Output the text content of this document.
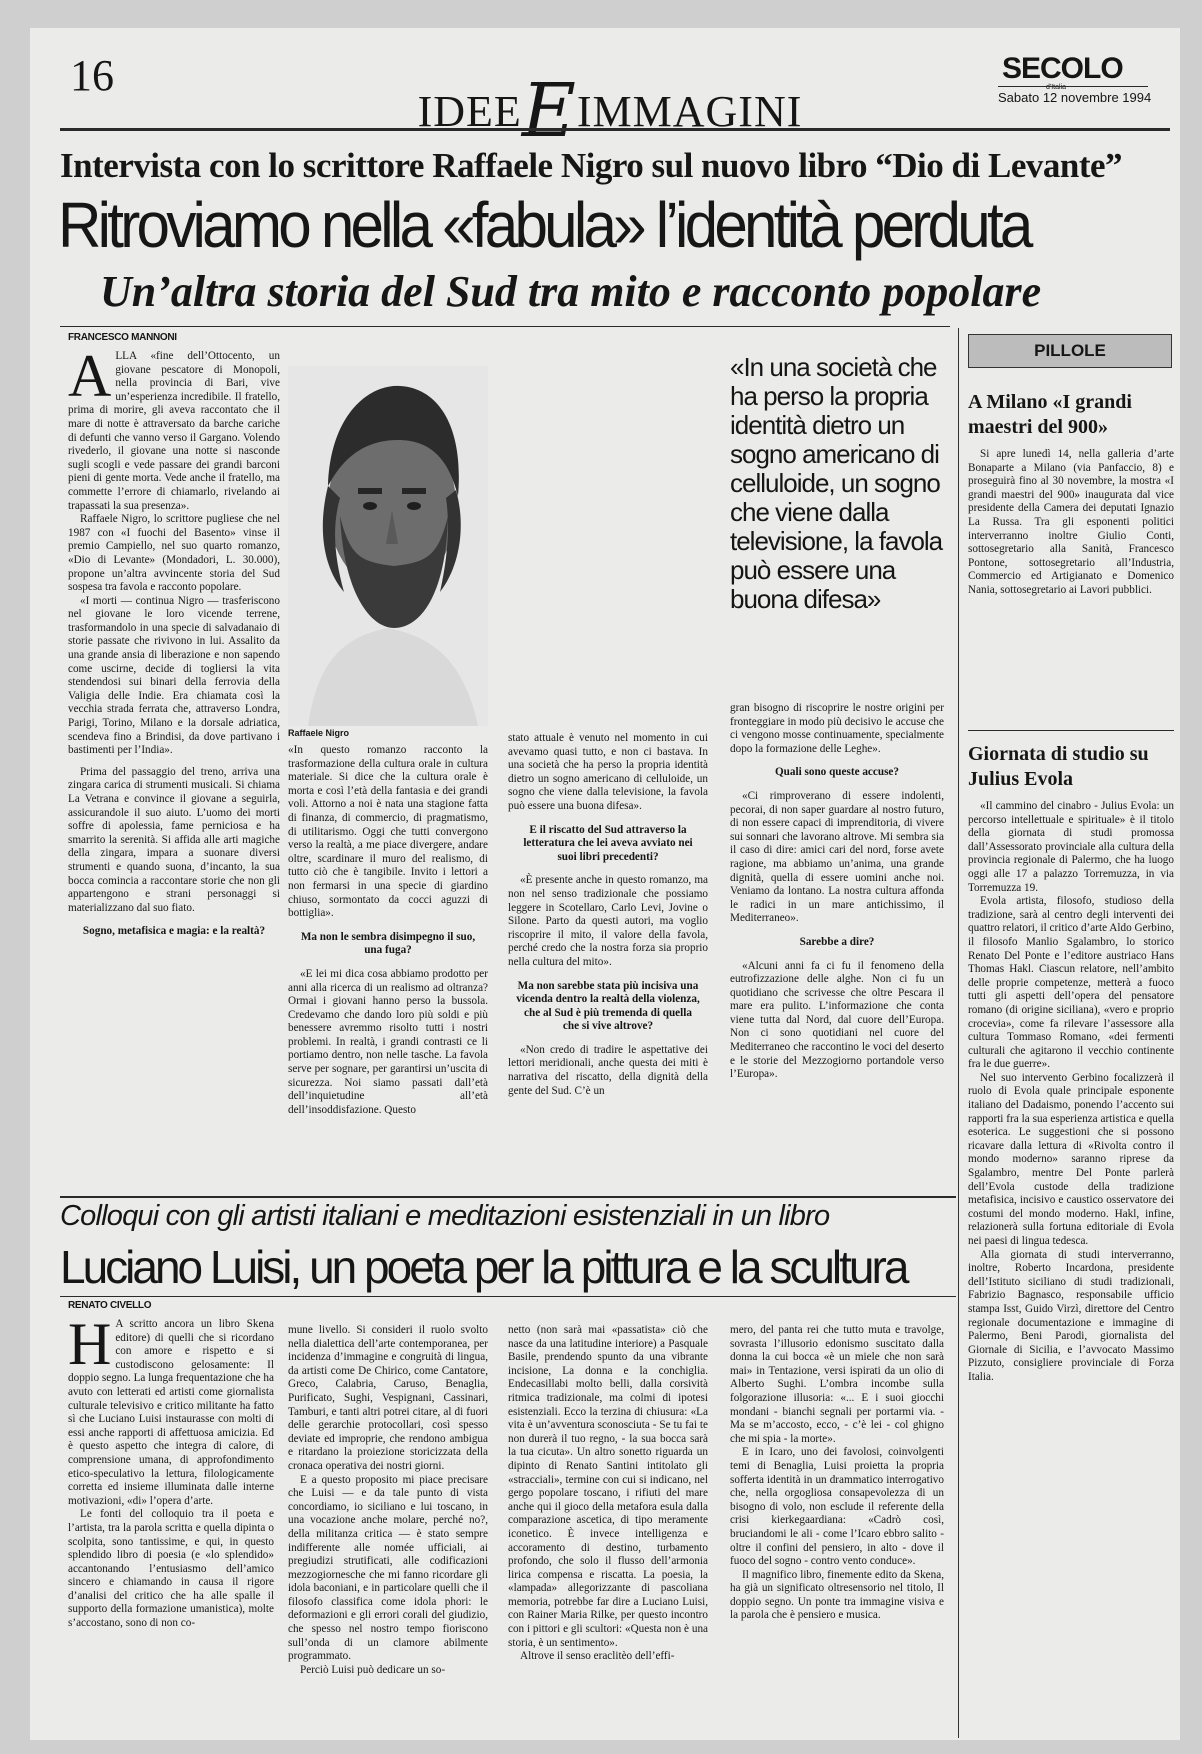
16
IDEEEIMMAGINI
SECOLO
d'Italia
Sabato 12 novembre 1994
Intervista con lo scrittore Raffaele Nigro sul nuovo libro “Dio di Levante”
Ritroviamo nella «fabula» l’identità perduta
Un’altra storia del Sud tra mito e racconto popolare
FRANCESCO MANNONI

ALLA «fine dell’Ottocento, un giovane pescatore di Monopoli, nella provincia di Bari, vive un’esperienza incredibile. Il fratello, prima di morire, gli aveva raccontato che il mare di notte è attraversato da barche cariche di defunti che vanno verso il Gargano. Volendo rivederlo, il giovane una notte si nasconde sugli scogli e vede passare dei grandi barconi pieni di gente morta. Vede anche il fratello, ma commette l’errore di chiamarlo, rivelando ai trapassati la sua presenza».

Raffaele Nigro, lo scrittore pugliese che nel 1987 con «I fuochi del Basento» vinse il premio Campiello, nel suo quarto romanzo, «Dio di Levante» (Mondadori, L. 30.000), propone un’altra avvincente storia del Sud sospesa tra favola e racconto popolare.

«I morti — continua Nigro — trasferiscono nel giovane le loro vicende terrene, trasformandolo in una specie di salvadanaio di storie passate che rivivono in lui. Assalito da una grande ansia di liberazione e non sapendo come uscirne, decide di togliersi la vita stendendosi sui binari della ferrovia della Valigia delle Indie. Era chiamata così la vecchia strada ferrata che, attraverso Londra, Parigi, Torino, Milano e la dorsale adriatica, scendeva fino a Brindisi, da dove partivano i bastimenti per l’India».

Prima del passaggio del treno, arriva una zingara carica di strumenti musicali. Si chiama La Vetrana e convince il giovane a seguirla, assicurandole il suo aiuto. L’uomo dei morti soffre di apolessia, fame perniciosa e ha smarrito la serenità. Si affida alle arti magiche della zingara, impara a suonare diversi strumenti e quando suona, d’incanto, la sua bocca comincia a raccontare storie che non gli appartengono e strani personaggi si materializzano dal suo fiato.

Sogno, metafisica e magia: e la realtà?

Raffaele Nigro
«In una società che ha perso la propria identità dietro un sogno americano di celluloide, un sogno che viene dalla televisione, la favola può essere una buona difesa»

«In questo romanzo racconto la trasformazione della cultura orale in cultura materiale. Si dice che la cultura orale è morta e così l’età della fantasia e dei grandi voli. Attorno a noi è nata una stagione fatta di finanza, di commercio, di pragmatismo, di utilitarismo. Oggi che tutti convergono verso la realtà, a me piace divergere, andare oltre, scardinare il muro del realismo, di tutto ciò che è tangibile. Invito i lettori a non fermarsi in una specie di giardino chiuso, sormontato da cocci aguzzi di bottiglia».

Ma non le sembra disimpegno il suo, una fuga?

«E lei mi dica cosa abbiamo prodotto per anni alla ricerca di un realismo ad oltranza? Ormai i giovani hanno perso la bussola. Credevamo che dando loro più soldi e più benessere avremmo risolto tutti i nostri problemi. In realtà, i grandi contrasti ce li portiamo dentro, non nelle tasche. La favola serve per sognare, per garantirsi un’uscita di sicurezza. Noi siamo passati dall’età dell’inquietudine all’età dell’insoddisfazione. Questo

stato attuale è venuto nel momento in cui avevamo quasi tutto, e non ci bastava. In una società che ha perso la propria identità dietro un sogno americano di celluloide, un sogno che viene dalla televisione, la favola può essere una buona difesa».

E il riscatto del Sud attraverso la letteratura che lei aveva avviato nei suoi libri precedenti?

«È presente anche in questo romanzo, ma non nel senso tradizionale che possiamo leggere in Scotellaro, Carlo Levi, Jovine o Silone. Parto da questi autori, ma voglio riscoprire il mito, il valore della favola, perché credo che la nostra forza sia proprio nella cultura del mito».

Ma non sarebbe stata più incisiva una vicenda dentro la realtà della violenza, che al Sud è più tremenda di quella che si vive altrove?

«Non credo di tradire le aspettative dei lettori meridionali, anche questa dei miti è narrativa del riscatto, della dignità della gente del Sud. C’è un

gran bisogno di riscoprire le nostre origini per fronteggiare in modo più decisivo le accuse che ci vengono mosse continuamente, specialmente dopo la formazione delle Leghe».

Quali sono queste accuse?

«Ci rimproverano di essere indolenti, pecorai, di non saper guardare al nostro futuro, di non essere capaci di imprenditoria, di vivere sui sonnari che lavorano altrove. Mi sembra sia il caso di dire: amici cari del nord, forse avete ragione, ma abbiamo un’anima, una grande dignità, quella di essere uomini anche noi. Veniamo da lontano. La nostra cultura affonda le radici in un mare antichissimo, il Mediterraneo».

Sarebbe a dire?

«Alcuni anni fa ci fu il fenomeno della eutrofizzazione delle alghe. Non ci fu un quotidiano che scrivesse che oltre Pescara il mare era pulito. L’informazione che conta viene tutta dal Nord, dal cuore dell’Europa. Non ci sono quotidiani nel cuore del Mediterraneo che raccontino le voci del deserto e le storie del Mezzogiorno portandole verso l’Europa».

PILLOLE
A Milano «I grandi maestri del 900»

Si apre lunedì 14, nella galleria d’arte Bonaparte a Milano (via Panfaccio, 8) e proseguirà fino al 30 novembre, la mostra «I grandi maestri del 900» inaugurata dal vice presidente della Camera dei deputati Ignazio La Russa. Tra gli esponenti politici interverranno inoltre Giulio Conti, sottosegretario alla Sanità, Francesco Pontone, sottosegretario all’Industria, Commercio ed Artigianato e Domenico Nania, sottosegretario ai Lavori pubblici.

Giornata di studio su Julius Evola

«Il cammino del cinabro - Julius Evola: un percorso intellettuale e spirituale» è il titolo della giornata di studi promossa dall’Assessorato provinciale alla cultura della provincia regionale di Palermo, che ha luogo oggi alle 17 a palazzo Torremuzza, in via Torremuzza 19.

Evola artista, filosofo, studioso della tradizione, sarà al centro degli interventi dei quattro relatori, il critico d’arte Aldo Gerbino, il filosofo Manlio Sgalambro, lo storico Renato Del Ponte e l’editore austriaco Hans Thomas Hakl. Ciascun relatore, nell’ambito delle proprie competenze, metterà a fuoco tutti gli aspetti dell’opera del pensatore romano (di origine siciliana), «vero e proprio crocevia», come fa rilevare l’assessore alla cultura Tommaso Romano, «dei fermenti culturali che agitarono il vecchio continente fra le due guerre».

Nel suo intervento Gerbino focalizzerà il ruolo di Evola quale principale esponente italiano del Dadaismo, ponendo l’accento sui rapporti fra la sua esperienza artistica e quella esoterica. Le suggestioni che si possono ricavare dalla lettura di «Rivolta contro il mondo moderno» saranno riprese da Sgalambro, mentre Del Ponte parlerà dell’Evola custode della tradizione metafisica, incisivo e caustico osservatore dei costumi del mondo moderno. Hakl, infine, relazionerà sulla fortuna editoriale di Evola nei paesi di lingua tedesca.

Alla giornata di studi interverranno, inoltre, Roberto Incardona, presidente dell’Istituto siciliano di studi tradizionali, Fabrizio Bagnasco, responsabile ufficio stampa Isst, Guido Virzì, direttore del Centro regionale documentazione e immagine di Palermo, Beni Parodi, giornalista del Giornale di Sicilia, e l’avvocato Massimo Pizzuto, consigliere provinciale di Forza Italia.

Colloqui con gli artisti italiani e meditazioni esistenziali in un libro
Luciano Luisi, un poeta per la pittura e la scultura
RENATO CIVELLO

H A scritto ancora un libro Skena editore) di quelli che si ricordano con amore e rispetto e si custodiscono gelosamente: Il doppio segno. La lunga frequentazione che ha avuto con letterati ed artisti come giornalista culturale televisivo e critico militante ha fatto sì che Luciano Luisi instaurasse con molti di essi anche rapporti di affettuosa amicizia. Ed è questo aspetto che integra di calore, di comprensione umana, di approfondimento etico-speculativo la lettura, filologicamente corretta ed insieme illuminata dalle interne motivazioni, «di» l’opera d’arte.

Le fonti del colloquio tra il poeta e l’artista, tra la parola scritta e quella dipinta o scolpita, sono tantissime, e qui, in questo splendido libro di poesia (e «lo splendido» accantonando l’entusiasmo dell’amico sincero e chiamando in causa il rigore d’analisi del critico che ha alle spalle il supporto della formazione umanistica), molte s’accostano, sono di non co-

mune livello. Si consideri il ruolo svolto nella dialettica dell’arte contemporanea, per incidenza d’immagine e congruità di lingua, da artisti come De Chirico, come Cantatore, Greco, Calabria, Caruso, Benaglia, Purificato, Sughi, Vespignani, Cassinari, Tamburi, e tanti altri potrei citare, al di fuori delle gerarchie protocollari, così spesso deviate ed improprie, che rendono ambigua e ritardano la proiezione storicizzata della cronaca operativa dei nostri giorni.

E a questo proposito mi piace precisare che Luisi — e da tale punto di vista concordiamo, io siciliano e lui toscano, in una vocazione anche molare, perché no?, della militanza critica — è stato sempre indifferente alle nomée ufficiali, ai pregiudizi strutificati, alle codificazioni mezzogiornesche che mi fanno ricordare gli idola baconiani, e in particolare quelli che il filosofo classifica come idola phori: le deformazioni e gli errori corali del giudizio, che spesso nel nostro tempo fioriscono sull’onda di un clamore abilmente programmato.

Perciò Luisi può dedicare un so-

netto (non sarà mai «passatista» ciò che nasce da una latitudine interiore) a Pasquale Basile, prendendo spunto da una vibrante incisione, La donna e la conchiglia. Endecasillabi molto belli, dalla corsività ritmica tradizionale, ma colmi di ipotesi esistenziali. Ecco la terzina di chiusura: «La vita è un’avventura sconosciuta - Se tu fai te non durerà il tuo regno, - la sua bocca sarà la tua cicuta». Un altro sonetto riguarda un dipinto di Renato Santini intitolato gli «stracciali», termine con cui si indicano, nel gergo popolare toscano, i rifiuti del mare anche qui il gioco della metafora esula dalla comparazione ascetica, di tipo meramente iconetico. È invece intelligenza e accoramento di destino, turbamento profondo, che solo il flusso dell’armonia lirica compensa e riscatta. La poesia, la «lampada» allegorizzante di pascoliana memoria, potrebbe far dire a Luciano Luisi, con Rainer Maria Rilke, per questo incontro con i pittori e gli scultori: «Questa non è una storia, è un sentimento».

Altrove il senso eraclitèo dell’effi-

mero, del panta rei che tutto muta e travolge, sovrasta l’illusorio edonismo suscitato dalla donna la cui bocca «è un miele che non sarà mai» in Tentazione, versi ispirati da un olio di Alberto Sughi. L’ombra incombe sulla folgorazione illusoria: «... E i suoi giocchi mondani - bianchi segnali per portarmi via. - Ma se m’accosto, ecco, - c’è lei - col ghigno che mi spia - la morte».

E in Icaro, uno dei favolosi, coinvolgenti temi di Benaglia, Luisi proietta la propria sofferta identità in un drammatico interrogativo che, nella orgogliosa consapevolezza di un bisogno di volo, non esclude il referente della crisi kierkegaardiana: «Cadrò così, bruciandomi le ali - come l’Icaro ebbro salito - oltre il confini del pensiero, in alto - dove il fuoco del sogno - contro vento conduce».

Il magnifico libro, finemente edito da Skena, ha già un significato oltresensorio nel titolo, Il doppio segno. Un ponte tra immagine visiva e la parola che è pensiero e musica.
